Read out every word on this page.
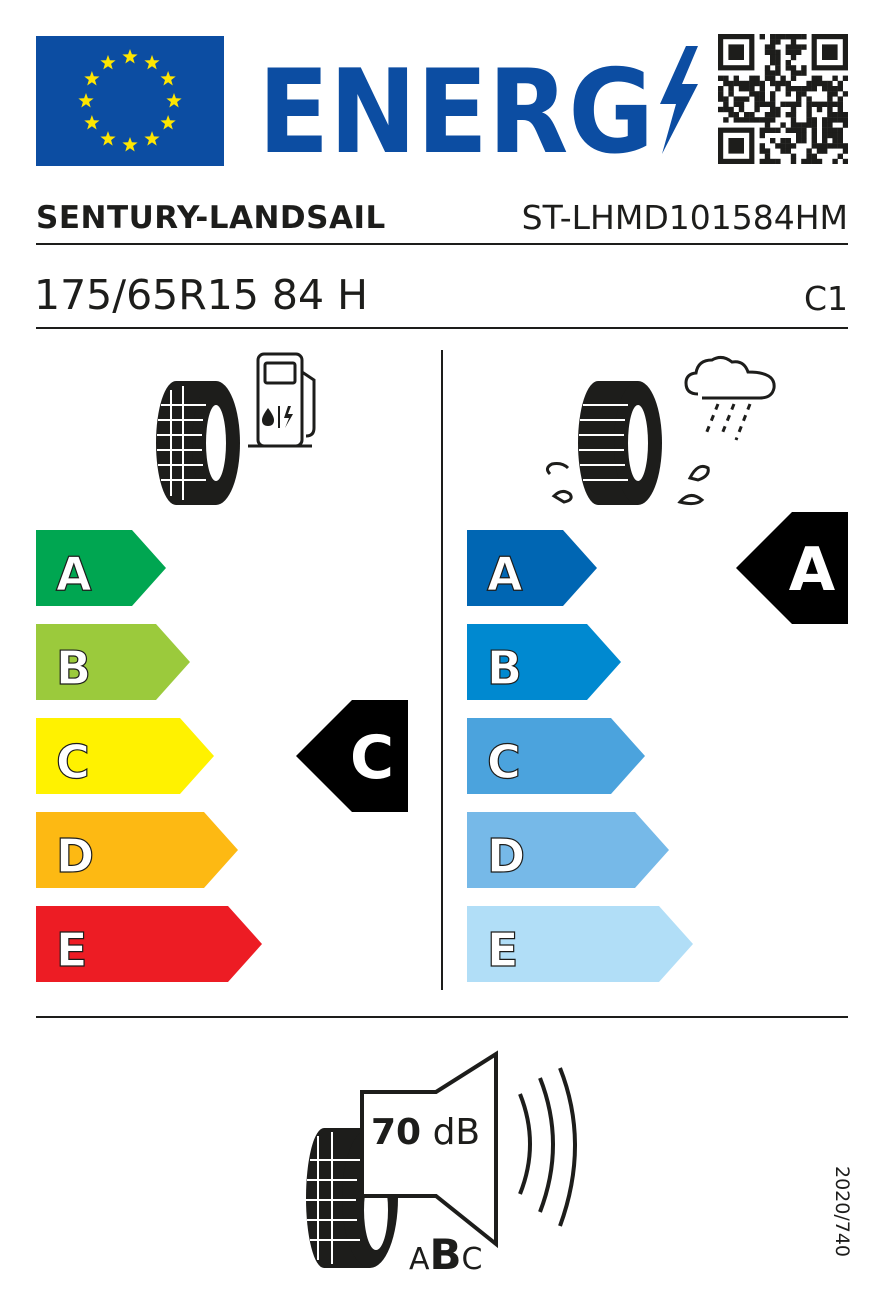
ENERG
SENTURY-LANDSAIL	ST-LHMD101584HM
175/65R15 84 H	C1
A
B
C
D
E
C
A
B
C
D
E
A
70 dB
ABC
2020/740
